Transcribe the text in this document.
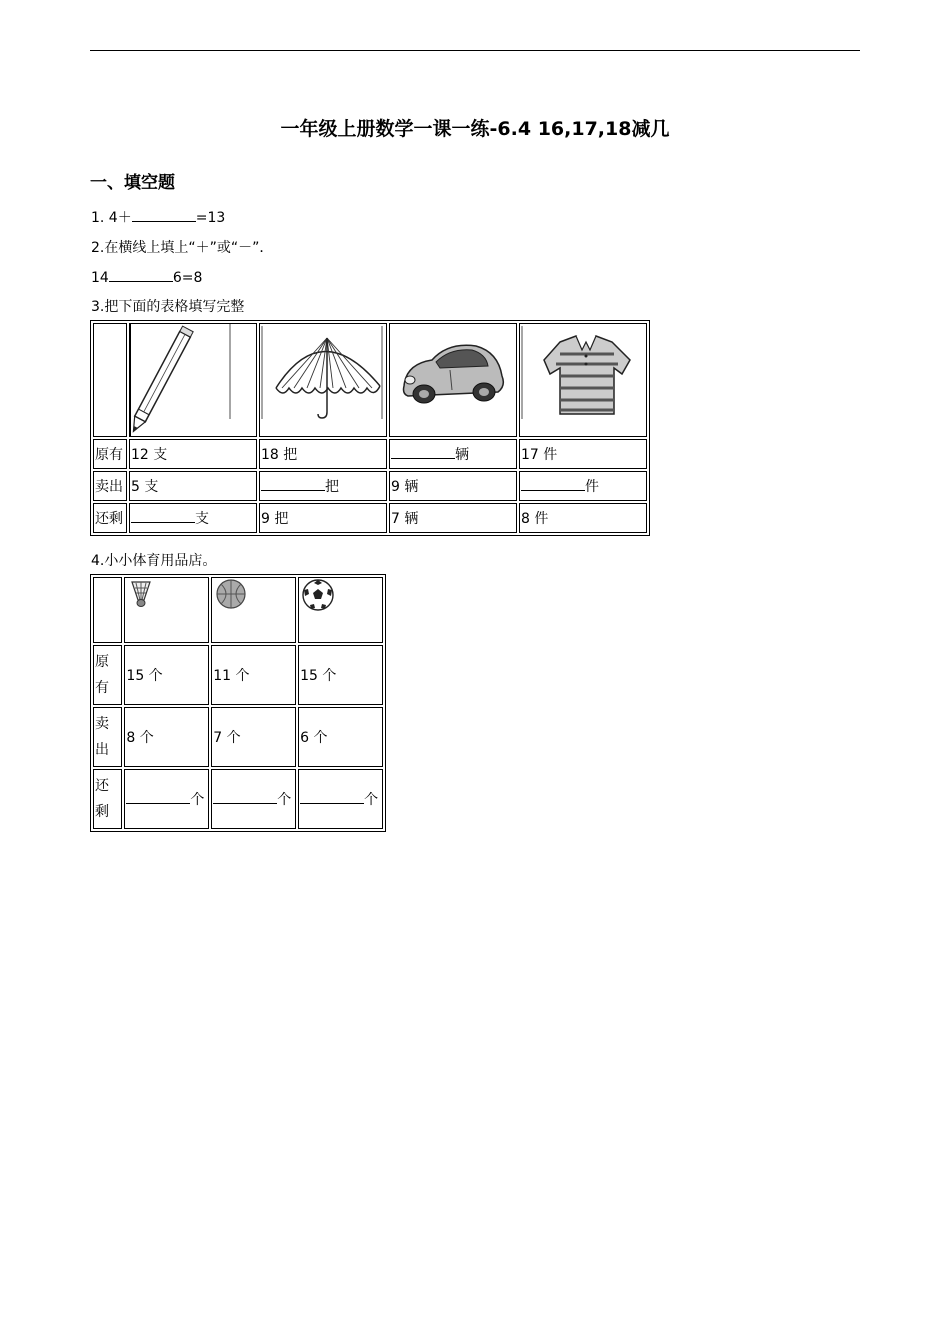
一年级上册数学一课一练-6.4 16,17,18减几
一、填空题
1. 4＋	=13
2.在横线上填上“＋”或“－”．
14	6=8
3.把下面的表格填写完整

原有	12 支	18 把	辆	17 件
卖出	5 支	把	9 辆	件
还剩	支	9 把	7 辆	8 件
4.小小体育用品店。

原
有	15 个	11 个	15 个
卖
出	8 个	7 个	6 个
还
剩	个	个	个
